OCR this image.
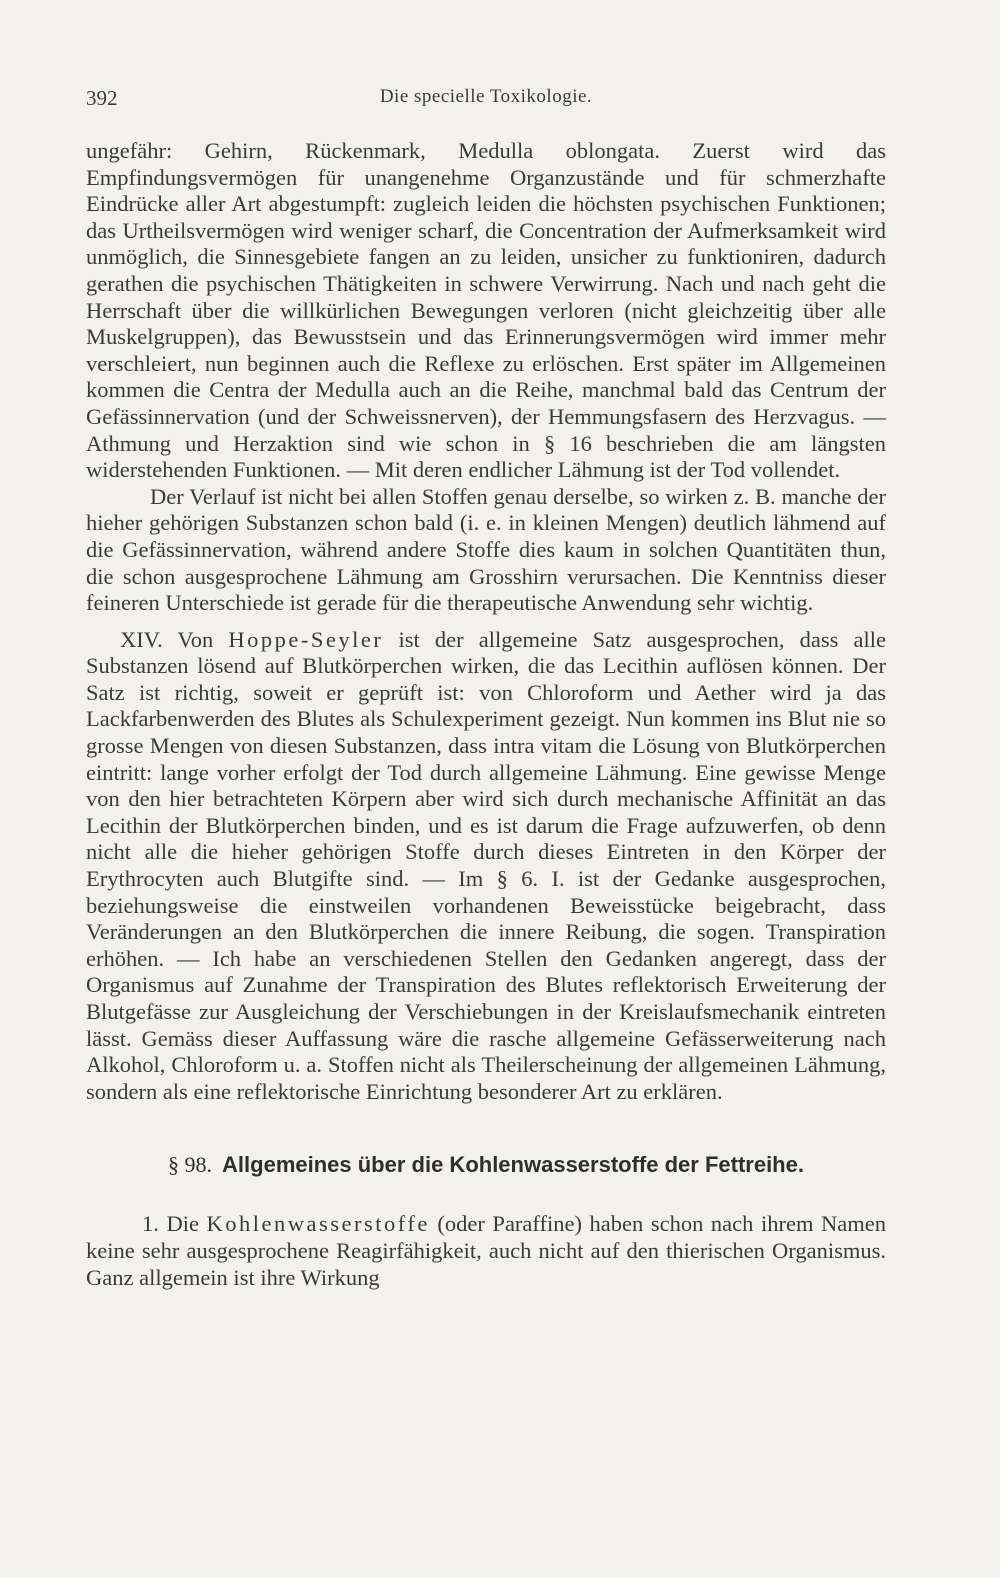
392	Die specielle Toxikologie.

ungefähr: Gehirn, Rückenmark, Medulla oblongata. Zuerst wird das Empfindungsvermögen für unangenehme Organzustände und für schmerzhafte Eindrücke aller Art abgestumpft: zugleich leiden die höchsten psychischen Funktionen; das Urtheilsvermögen wird weniger scharf, die Concentration der Aufmerksamkeit wird unmöglich, die Sinnesgebiete fangen an zu leiden, unsicher zu funktioniren, dadurch gerathen die psychischen Thätigkeiten in schwere Verwirrung. Nach und nach geht die Herrschaft über die willkürlichen Bewegungen verloren (nicht gleichzeitig über alle Muskelgruppen), das Bewusstsein und das Erinnerungsvermögen wird immer mehr verschleiert, nun beginnen auch die Reflexe zu erlöschen. Erst später im Allgemeinen kommen die Centra der Medulla auch an die Reihe, manchmal bald das Centrum der Gefässinnervation (und der Schweissnerven), der Hemmungsfasern des Herzvagus. — Athmung und Herzaktion sind wie schon in § 16 beschrieben die am längsten widerstehenden Funktionen. — Mit deren endlicher Lähmung ist der Tod vollendet.

Der Verlauf ist nicht bei allen Stoffen genau derselbe, so wirken z. B. manche der hieher gehörigen Substanzen schon bald (i. e. in kleinen Mengen) deutlich lähmend auf die Gefässinnervation, während andere Stoffe dies kaum in solchen Quantitäten thun, die schon ausgesprochene Lähmung am Grosshirn verursachen. Die Kenntniss dieser feineren Unterschiede ist gerade für die therapeutische Anwendung sehr wichtig.

XIV. Von Hoppe-Seyler ist der allgemeine Satz ausgesprochen, dass alle Substanzen lösend auf Blutkörperchen wirken, die das Lecithin auflösen können. Der Satz ist richtig, soweit er geprüft ist: von Chloroform und Aether wird ja das Lackfarbenwerden des Blutes als Schulexperiment gezeigt. Nun kommen ins Blut nie so grosse Mengen von diesen Substanzen, dass intra vitam die Lösung von Blutkörperchen eintritt: lange vorher erfolgt der Tod durch allgemeine Lähmung. Eine gewisse Menge von den hier betrachteten Körpern aber wird sich durch mechanische Affinität an das Lecithin der Blutkörperchen binden, und es ist darum die Frage aufzuwerfen, ob denn nicht alle die hieher gehörigen Stoffe durch dieses Eintreten in den Körper der Erythrocyten auch Blutgifte sind. — Im § 6. I. ist der Gedanke ausgesprochen, beziehungsweise die einstweilen vorhandenen Beweisstücke beigebracht, dass Veränderungen an den Blutkörperchen die innere Reibung, die sogen. Transpiration erhöhen. — Ich habe an verschiedenen Stellen den Gedanken angeregt, dass der Organismus auf Zunahme der Transpiration des Blutes reflektorisch Erweiterung der Blutgefässe zur Ausgleichung der Verschiebungen in der Kreislaufsmechanik eintreten lässt. Gemäss dieser Auffassung wäre die rasche allgemeine Gefässerweiterung nach Alkohol, Chloroform u. a. Stoffen nicht als Theilerscheinung der allgemeinen Lähmung, sondern als eine reflektorische Einrichtung besonderer Art zu erklären.

§ 98. Allgemeines über die Kohlenwasserstoffe der Fettreihe.

1. Die Kohlenwasserstoffe (oder Paraffine) haben schon nach ihrem Namen keine sehr ausgesprochene Reagirfähigkeit, auch nicht auf den thierischen Organismus. Ganz allgemein ist ihre Wirkung
